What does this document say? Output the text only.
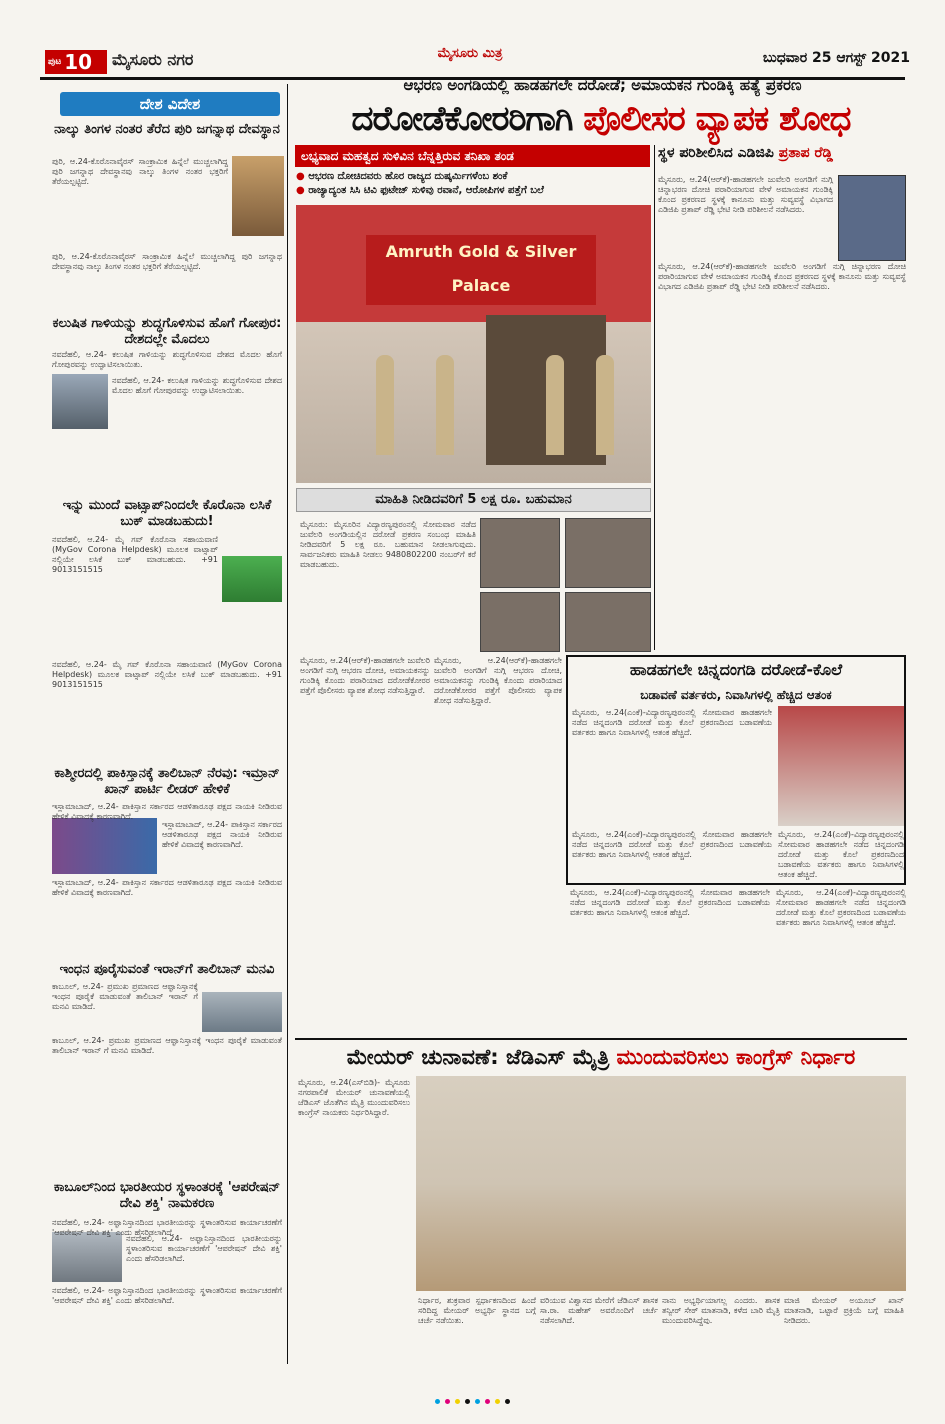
ಪುಟ 10 ಮೈಸೂರು ನಗರ	ಮೈಸೂರು ಮಿತ್ರ	ಬುಧವಾರ 25 ಆಗಸ್ಟ್ 2021
ದೇಶ ವಿದೇಶ
ನಾಲ್ಕು ತಿಂಗಳ ನಂತರ ತೆರೆದ ಪುರಿ ಜಗನ್ನಾಥ ದೇವಸ್ಥಾನ
ಪುರಿ, ಆ.24-ಕೊರೊನಾವೈರಸ್ ಸಾಂಕ್ರಾಮಿಕ ಹಿನ್ನೆಲೆ ಮುಚ್ಚಲಾಗಿದ್ದ ಪುರಿ ಜಗನ್ನಾಥ ದೇವಸ್ಥಾನವು ನಾಲ್ಕು ತಿಂಗಳ ನಂತರ ಭಕ್ತರಿಗೆ ತೆರೆಯಲ್ಪಟ್ಟಿದೆ.
ಪುರಿ, ಆ.24-ಕೊರೊನಾವೈರಸ್ ಸಾಂಕ್ರಾಮಿಕ ಹಿನ್ನೆಲೆ ಮುಚ್ಚಲಾಗಿದ್ದ ಪುರಿ ಜಗನ್ನಾಥ ದೇವಸ್ಥಾನವು ನಾಲ್ಕು ತಿಂಗಳ ನಂತರ ಭಕ್ತರಿಗೆ ತೆರೆಯಲ್ಪಟ್ಟಿದೆ.
ಕಲುಷಿತ ಗಾಳಿಯನ್ನು ಶುದ್ಧಗೊಳಿಸುವ ಹೊಗೆ ಗೋಪುರ: ದೇಶದಲ್ಲೇ ಮೊದಲು
ನವದೆಹಲಿ, ಆ.24- ಕಲುಷಿತ ಗಾಳಿಯನ್ನು ಶುದ್ಧಗೊಳಿಸುವ ದೇಶದ ಮೊದಲ ಹೊಗೆ ಗೋಪುರವನ್ನು ಉದ್ಘಾಟಿಸಲಾಯಿತು.
ನವದೆಹಲಿ, ಆ.24- ಕಲುಷಿತ ಗಾಳಿಯನ್ನು ಶುದ್ಧಗೊಳಿಸುವ ದೇಶದ ಮೊದಲ ಹೊಗೆ ಗೋಪುರವನ್ನು ಉದ್ಘಾಟಿಸಲಾಯಿತು.
ಇನ್ನು ಮುಂದೆ ವಾಟ್ಸಾಪ್‌ನಿಂದಲೇ ಕೊರೊನಾ ಲಸಿಕೆ ಬುಕ್ ಮಾಡಬಹುದು!
ನವದೆಹಲಿ, ಆ.24- ಮೈ ಗವ್ ಕೊರೊನಾ ಸಹಾಯವಾಣಿ (MyGov Corona Helpdesk) ಮೂಲಕ ವಾಟ್ಸಾಪ್ ನಲ್ಲಿಯೇ ಲಸಿಕೆ ಬುಕ್ ಮಾಡಬಹುದು. +91 9013151515
ನವದೆಹಲಿ, ಆ.24- ಮೈ ಗವ್ ಕೊರೊನಾ ಸಹಾಯವಾಣಿ (MyGov Corona Helpdesk) ಮೂಲಕ ವಾಟ್ಸಾಪ್ ನಲ್ಲಿಯೇ ಲಸಿಕೆ ಬುಕ್ ಮಾಡಬಹುದು. +91 9013151515
ಕಾಶ್ಮೀರದಲ್ಲಿ ಪಾಕಿಸ್ತಾನಕ್ಕೆ ತಾಲಿಬಾನ್ ನೆರವು: ಇಮ್ರಾನ್ ಖಾನ್ ಪಾರ್ಟಿ ಲೀಡರ್ ಹೇಳಿಕೆ
ಇಸ್ಲಾಮಾಬಾದ್, ಆ.24- ಪಾಕಿಸ್ತಾನ ಸರ್ಕಾರದ ಆಡಳಿತಾರೂಢ ಪಕ್ಷದ ನಾಯಕಿ ನೀಡಿರುವ ಹೇಳಿಕೆ ವಿವಾದಕ್ಕೆ ಕಾರಣವಾಗಿದೆ.
ಇಸ್ಲಾಮಾಬಾದ್, ಆ.24- ಪಾಕಿಸ್ತಾನ ಸರ್ಕಾರದ ಆಡಳಿತಾರೂಢ ಪಕ್ಷದ ನಾಯಕಿ ನೀಡಿರುವ ಹೇಳಿಕೆ ವಿವಾದಕ್ಕೆ ಕಾರಣವಾಗಿದೆ.
ಇಸ್ಲಾಮಾಬಾದ್, ಆ.24- ಪಾಕಿಸ್ತಾನ ಸರ್ಕಾರದ ಆಡಳಿತಾರೂಢ ಪಕ್ಷದ ನಾಯಕಿ ನೀಡಿರುವ ಹೇಳಿಕೆ ವಿವಾದಕ್ಕೆ ಕಾರಣವಾಗಿದೆ.
ಇಂಧನ ಪೂರೈಸುವಂತೆ ಇರಾನ್‌ಗೆ ತಾಲಿಬಾನ್ ಮನವಿ
ಕಾಬೂಲ್, ಆ.24- ಪ್ರಮುಖ ಪ್ರಮಾಣದ ಆಫ್ಘಾನಿಸ್ತಾನಕ್ಕೆ ಇಂಧನ ಪೂರೈಕೆ ಮಾಡುವಂತೆ ತಾಲಿಬಾನ್ ಇರಾನ್ ಗೆ ಮನವಿ ಮಾಡಿದೆ.
ಕಾಬೂಲ್, ಆ.24- ಪ್ರಮುಖ ಪ್ರಮಾಣದ ಆಫ್ಘಾನಿಸ್ತಾನಕ್ಕೆ ಇಂಧನ ಪೂರೈಕೆ ಮಾಡುವಂತೆ ತಾಲಿಬಾನ್ ಇರಾನ್ ಗೆ ಮನವಿ ಮಾಡಿದೆ.
ಕಾಬೂಲ್‌ನಿಂದ ಭಾರತೀಯರ ಸ್ಥಳಾಂತರಕ್ಕೆ 'ಆಪರೇಷನ್ ದೇವಿ ಶಕ್ತಿ' ನಾಮಕರಣ
ನವದೆಹಲಿ, ಆ.24- ಅಫ್ಘಾನಿಸ್ತಾನದಿಂದ ಭಾರತೀಯರನ್ನು ಸ್ಥಳಾಂತರಿಸುವ ಕಾರ್ಯಾಚರಣೆಗೆ 'ಆಪರೇಷನ್ ದೇವಿ ಶಕ್ತಿ' ಎಂದು ಹೆಸರಿಡಲಾಗಿದೆ.
ನವದೆಹಲಿ, ಆ.24- ಅಫ್ಘಾನಿಸ್ತಾನದಿಂದ ಭಾರತೀಯರನ್ನು ಸ್ಥಳಾಂತರಿಸುವ ಕಾರ್ಯಾಚರಣೆಗೆ 'ಆಪರೇಷನ್ ದೇವಿ ಶಕ್ತಿ' ಎಂದು ಹೆಸರಿಡಲಾಗಿದೆ.
ನವದೆಹಲಿ, ಆ.24- ಅಫ್ಘಾನಿಸ್ತಾನದಿಂದ ಭಾರತೀಯರನ್ನು ಸ್ಥಳಾಂತರಿಸುವ ಕಾರ್ಯಾಚರಣೆಗೆ 'ಆಪರೇಷನ್ ದೇವಿ ಶಕ್ತಿ' ಎಂದು ಹೆಸರಿಡಲಾಗಿದೆ.
ಆಭರಣ ಅಂಗಡಿಯಲ್ಲಿ ಹಾಡಹಗಲೇ ದರೋಡೆ; ಅಮಾಯಕನ ಗುಂಡಿಕ್ಕಿ ಹತ್ಯೆ ಪ್ರಕರಣ
ದರೋಡೆಕೋರರಿಗಾಗಿ ಪೊಲೀಸರ ವ್ಯಾಪಕ ಶೋಧ
ಲಭ್ಯವಾದ ಮಹತ್ವದ ಸುಳಿವಿನ ಬೆನ್ನತ್ತಿರುವ ತನಿಖಾ ತಂಡ
● ಆಭರಣ ದೋಚಿದವರು ಹೊರ ರಾಜ್ಯದ ದುಷ್ಕರ್ಮಿಗಳೆಂಬ ಶಂಕೆ
● ರಾಜ್ಯಾದ್ಯಂತ ಸಿಸಿ ಟಿವಿ ಫುಟೇಜ್ ಸುಳಿವು ರವಾನೆ, ಆರೋಪಿಗಳ ಪತ್ತೆಗೆ ಬಲೆ
Amruth Gold & Silver Palace
ಮಾಹಿತಿ ನೀಡಿದವರಿಗೆ 5 ಲಕ್ಷ ರೂ. ಬಹುಮಾನ
ಮೈಸೂರು: ಮೈಸೂರಿನ ವಿದ್ಯಾರಣ್ಯಪುರಂನಲ್ಲಿ ಸೋಮವಾರ ನಡೆದ ಜುವೆಲರಿ ಅಂಗಡಿಯಲ್ಲಿನ ದರೋಡೆ ಪ್ರಕರಣ ಸಂಬಂಧ ಮಾಹಿತಿ ನೀಡಿದವರಿಗೆ 5 ಲಕ್ಷ ರೂ. ಬಹುಮಾನ ನೀಡಲಾಗುವುದು. ಸಾರ್ವಜನಿಕರು ಮಾಹಿತಿ ನೀಡಲು 9480802200 ನಂಬರ್‌ಗೆ ಕರೆ ಮಾಡಬಹುದು.
ಸ್ಥಳ ಪರಿಶೀಲಿಸಿದ ಎಡಿಜಿಪಿ ಪ್ರತಾಪ ರೆಡ್ಡಿ
ಮೈಸೂರು, ಆ.24(ಆರ್‌ಕೆ)-ಹಾಡಹಗಲೇ ಜುವೆಲರಿ ಅಂಗಡಿಗೆ ನುಗ್ಗಿ ಚಿನ್ನಾಭರಣ ದೋಚಿ ಪರಾರಿಯಾಗುವ ವೇಳೆ ಅಮಾಯಕನ ಗುಂಡಿಕ್ಕಿ ಕೊಂದ ಪ್ರಕರಣದ ಸ್ಥಳಕ್ಕೆ ಕಾನೂನು ಮತ್ತು ಸುವ್ಯವಸ್ಥೆ ವಿಭಾಗದ ಎಡಿಜಿಪಿ ಪ್ರತಾಪ್ ರೆಡ್ಡಿ ಭೇಟಿ ನೀಡಿ ಪರಿಶೀಲನೆ ನಡೆಸಿದರು.
ಮೈಸೂರು, ಆ.24(ಆರ್‌ಕೆ)-ಹಾಡಹಗಲೇ ಜುವೆಲರಿ ಅಂಗಡಿಗೆ ನುಗ್ಗಿ ಚಿನ್ನಾಭರಣ ದೋಚಿ ಪರಾರಿಯಾಗುವ ವೇಳೆ ಅಮಾಯಕನ ಗುಂಡಿಕ್ಕಿ ಕೊಂದ ಪ್ರಕರಣದ ಸ್ಥಳಕ್ಕೆ ಕಾನೂನು ಮತ್ತು ಸುವ್ಯವಸ್ಥೆ ವಿಭಾಗದ ಎಡಿಜಿಪಿ ಪ್ರತಾಪ್ ರೆಡ್ಡಿ ಭೇಟಿ ನೀಡಿ ಪರಿಶೀಲನೆ ನಡೆಸಿದರು.
ಮೈಸೂರು, ಆ.24(ಆರ್‌ಕೆ)-ಹಾಡಹಗಲೇ ಜುವೆಲರಿ ಅಂಗಡಿಗೆ ನುಗ್ಗಿ ಆಭರಣ ದೋಚಿ, ಅಮಾಯಕನನ್ನು ಗುಂಡಿಕ್ಕಿ ಕೊಂದು ಪರಾರಿಯಾದ ದರೋಡೆಕೋರರ ಪತ್ತೆಗೆ ಪೊಲೀಸರು ವ್ಯಾಪಕ ಶೋಧ ನಡೆಸುತ್ತಿದ್ದಾರೆ.
ಮೈಸೂರು, ಆ.24(ಆರ್‌ಕೆ)-ಹಾಡಹಗಲೇ ಜುವೆಲರಿ ಅಂಗಡಿಗೆ ನುಗ್ಗಿ ಆಭರಣ ದೋಚಿ, ಅಮಾಯಕನನ್ನು ಗುಂಡಿಕ್ಕಿ ಕೊಂದು ಪರಾರಿಯಾದ ದರೋಡೆಕೋರರ ಪತ್ತೆಗೆ ಪೊಲೀಸರು ವ್ಯಾಪಕ ಶೋಧ ನಡೆಸುತ್ತಿದ್ದಾರೆ.
ಹಾಡಹಗಲೇ ಚಿನ್ನದಂಗಡಿ ದರೋಡೆ-ಕೊಲೆ
ಬಡಾವಣೆ ವರ್ತಕರು, ನಿವಾಸಿಗಳಲ್ಲಿ ಹೆಚ್ಚಿದ ಆತಂಕ
ಮೈಸೂರು, ಆ.24(ಎಂಕೆ)-ವಿದ್ಯಾರಣ್ಯಪುರಂನಲ್ಲಿ ಸೋಮವಾರ ಹಾಡಹಗಲೇ ನಡೆದ ಚಿನ್ನದಂಗಡಿ ದರೋಡೆ ಮತ್ತು ಕೊಲೆ ಪ್ರಕರಣದಿಂದ ಬಡಾವಣೆಯ ವರ್ತಕರು ಹಾಗೂ ನಿವಾಸಿಗಳಲ್ಲಿ ಆತಂಕ ಹೆಚ್ಚಿದೆ.
ಮೈಸೂರು, ಆ.24(ಎಂಕೆ)-ವಿದ್ಯಾರಣ್ಯಪುರಂನಲ್ಲಿ ಸೋಮವಾರ ಹಾಡಹಗಲೇ ನಡೆದ ಚಿನ್ನದಂಗಡಿ ದರೋಡೆ ಮತ್ತು ಕೊಲೆ ಪ್ರಕರಣದಿಂದ ಬಡಾವಣೆಯ ವರ್ತಕರು ಹಾಗೂ ನಿವಾಸಿಗಳಲ್ಲಿ ಆತಂಕ ಹೆಚ್ಚಿದೆ.
ಮೈಸೂರು, ಆ.24(ಎಂಕೆ)-ವಿದ್ಯಾರಣ್ಯಪುರಂನಲ್ಲಿ ಸೋಮವಾರ ಹಾಡಹಗಲೇ ನಡೆದ ಚಿನ್ನದಂಗಡಿ ದರೋಡೆ ಮತ್ತು ಕೊಲೆ ಪ್ರಕರಣದಿಂದ ಬಡಾವಣೆಯ ವರ್ತಕರು ಹಾಗೂ ನಿವಾಸಿಗಳಲ್ಲಿ ಆತಂಕ ಹೆಚ್ಚಿದೆ.
ಮೈಸೂರು, ಆ.24(ಎಂಕೆ)-ವಿದ್ಯಾರಣ್ಯಪುರಂನಲ್ಲಿ ಸೋಮವಾರ ಹಾಡಹಗಲೇ ನಡೆದ ಚಿನ್ನದಂಗಡಿ ದರೋಡೆ ಮತ್ತು ಕೊಲೆ ಪ್ರಕರಣದಿಂದ ಬಡಾವಣೆಯ ವರ್ತಕರು ಹಾಗೂ ನಿವಾಸಿಗಳಲ್ಲಿ ಆತಂಕ ಹೆಚ್ಚಿದೆ.
ಮೈಸೂರು, ಆ.24(ಎಂಕೆ)-ವಿದ್ಯಾರಣ್ಯಪುರಂನಲ್ಲಿ ಸೋಮವಾರ ಹಾಡಹಗಲೇ ನಡೆದ ಚಿನ್ನದಂಗಡಿ ದರೋಡೆ ಮತ್ತು ಕೊಲೆ ಪ್ರಕರಣದಿಂದ ಬಡಾವಣೆಯ ವರ್ತಕರು ಹಾಗೂ ನಿವಾಸಿಗಳಲ್ಲಿ ಆತಂಕ ಹೆಚ್ಚಿದೆ.
ಮೇಯರ್ ಚುನಾವಣೆ: ಜೆಡಿಎಸ್ ಮೈತ್ರಿ ಮುಂದುವರಿಸಲು ಕಾಂಗ್ರೆಸ್ ನಿರ್ಧಾರ
ಮೈಸೂರು, ಆ.24(ಎಸ್‌ಬಿಡಿ)- ಮೈಸೂರು ನಗರಪಾಲಿಕೆ ಮೇಯರ್ ಚುನಾವಣೆಯಲ್ಲಿ ಜೆಡಿಎಸ್ ಜೊತೆಗಿನ ಮೈತ್ರಿ ಮುಂದುವರಿಸಲು ಕಾಂಗ್ರೆಸ್ ನಾಯಕರು ನಿರ್ಧರಿಸಿದ್ದಾರೆ.
ನಿರ್ಧಾರ, ಶುಕ್ರವಾರ ಸ್ಪರ್ಧಾಕಣದಿಂದ ಹಿಂದೆ ಸರಿದಿದ್ದ ಮೇಯರ್ ಅಭ್ಯರ್ಥಿ ಸ್ಥಾನದ ಬಗ್ಗೆ ಚರ್ಚೆ ನಡೆಯಿತು.
ವರಿಯುವ ವಿಶ್ವಾಸದ ಮೇರೆಗೆ ಜೆಡಿಎಸ್ ಶಾಸಕ ಸಾ.ರಾ. ಮಹೇಶ್ ಅವರೊಂದಿಗೆ ಚರ್ಚೆ ನಡೆಸಲಾಗಿದೆ.
ನಾನು ಅಭ್ಯರ್ಥಿಯಾಗಲ್ಲ ಎಂದರು. ಶಾಸಕ ತನ್ವೀರ್ ಸೇಠ್ ಮಾತನಾಡಿ, ಕಳೆದ ಬಾರಿ ಮೈತ್ರಿ ಮುಂದುವರಿಸಿದ್ದೆವು.
ಮಾಜಿ ಮೇಯರ್ ಅಯೂಬ್ ಖಾನ್ ಮಾತನಾಡಿ, ಒಟ್ಟಾರೆ ಪ್ರಕ್ರಿಯೆ ಬಗ್ಗೆ ಮಾಹಿತಿ ನೀಡಿದರು.
